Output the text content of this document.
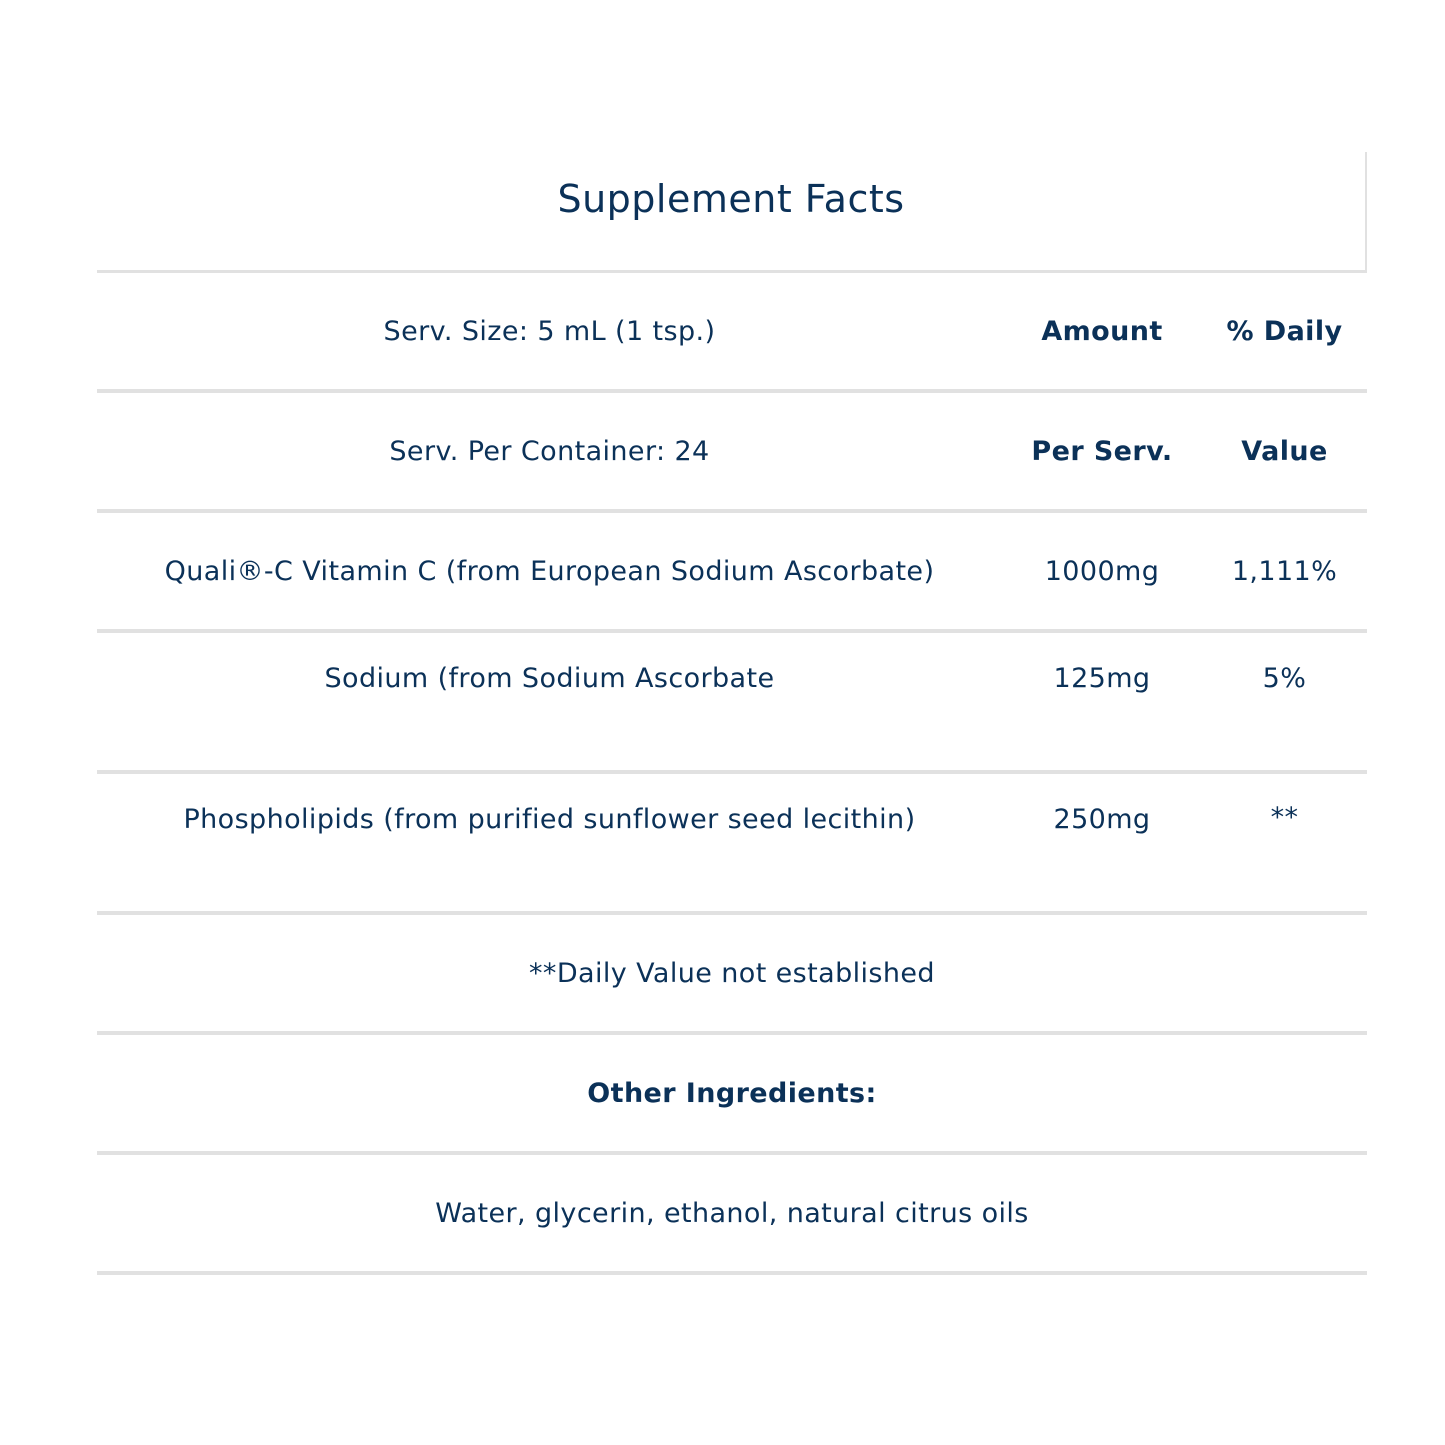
Supplement Facts
Serv. Size: 5 mL (1 tsp.)	Amount	% Daily
Serv. Per Container: 24	Per Serv.	Value
Quali®-C Vitamin C (from European Sodium Ascorbate)	1000mg	1,111%
Sodium (from Sodium Ascorbate	125mg	5%
Phospholipids (from purified sunflower seed lecithin)	250mg	**
**Daily Value not established
Other Ingredients:
Water, glycerin, ethanol, natural citrus oils
